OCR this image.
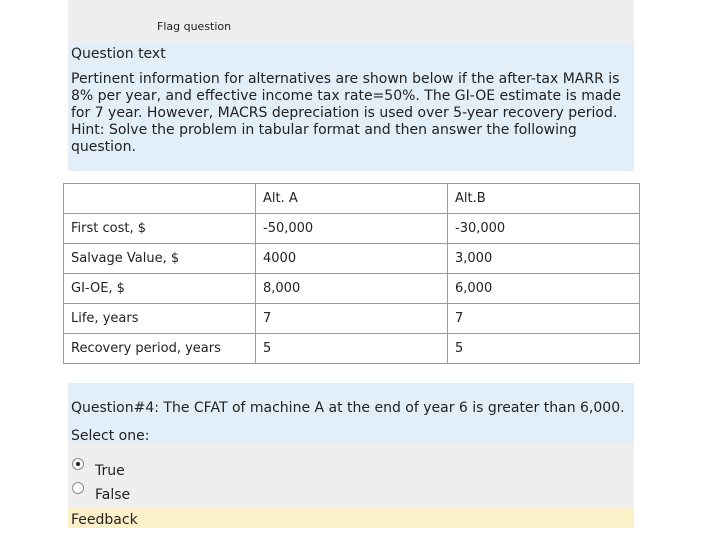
Flag question
Question text
Pertinent information for alternatives are shown below if the after-tax MARR is 8% per year, and effective income tax rate=50%. The GI-OE estimate is made for 7 year. However, MACRS depreciation is used over 5-year recovery period. Hint: Solve the problem in tabular format and then answer the following question.
	Alt. A	Alt.B
First cost, $	-50,000	-30,000
Salvage Value, $	4000	3,000
GI-OE, $	8,000	6,000
Life, years	7	7
Recovery period, years	5	5
Question#4: The CFAT of machine A at the end of year 6 is greater than 6,000.
Select one:
True
False
Feedback
